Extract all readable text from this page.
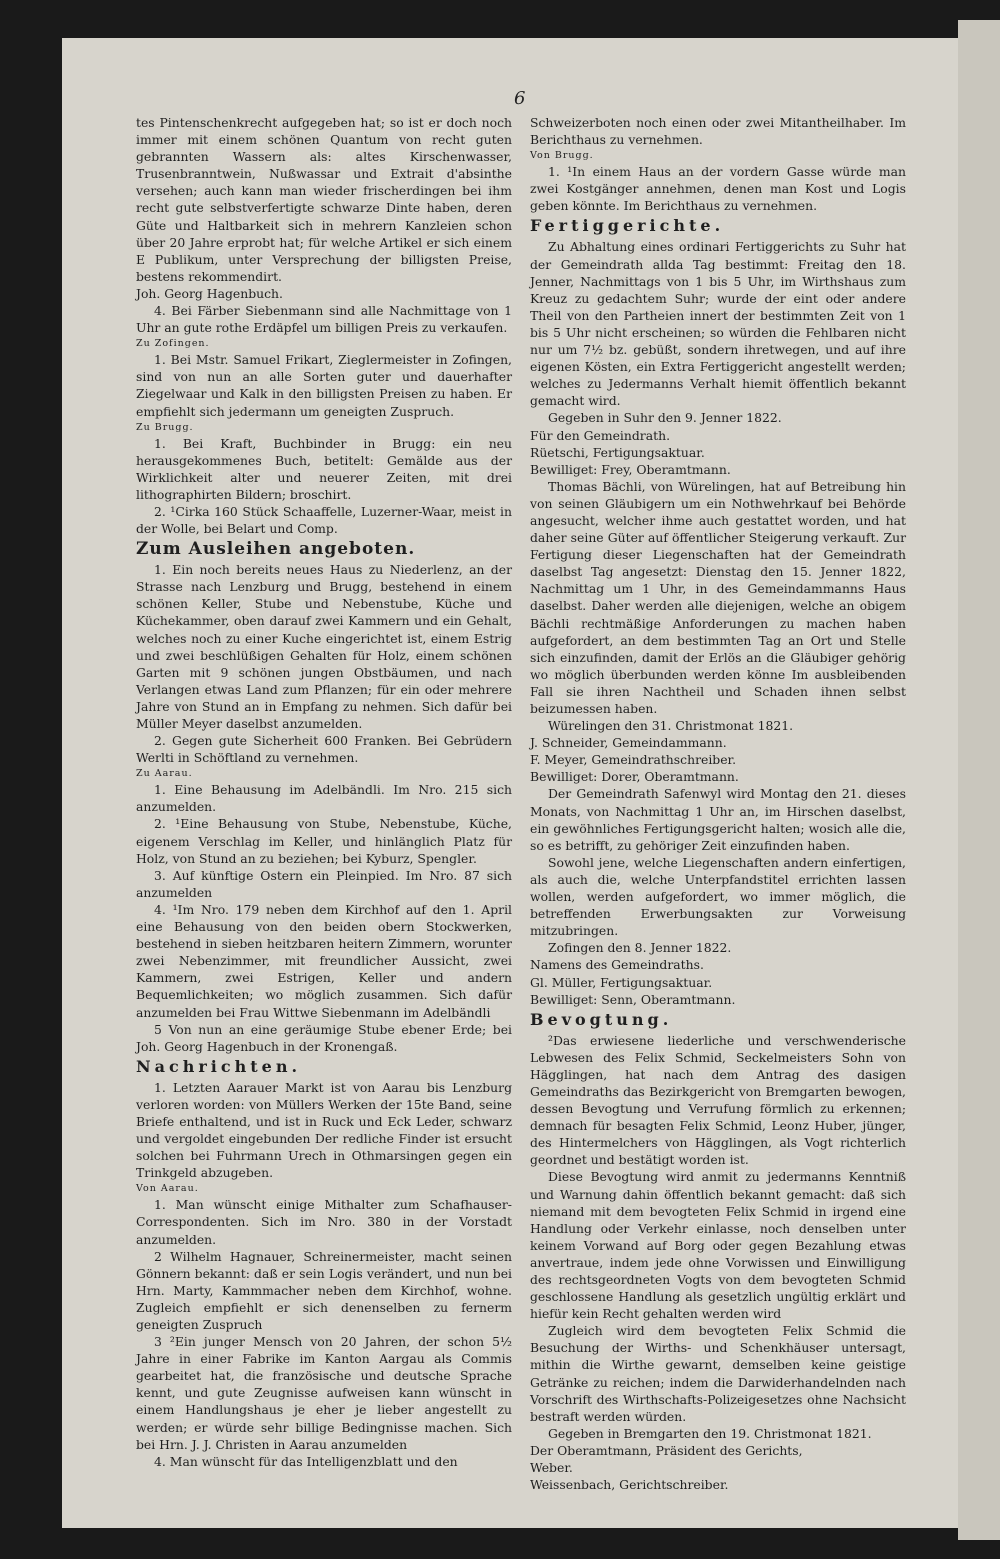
6

tes Pintenschenkrecht aufgegeben hat; so ist er doch noch immer mit einem schönen Quantum von recht guten gebrannten Wassern als: altes Kirschenwasser, Trusenbranntwein, Nußwassar und Extrait d'absinthe versehen; auch kann man wieder frischerdingen bei ihm recht gute selbstverfertigte schwarze Dinte haben, deren Güte und Haltbarkeit sich in mehrern Kanzleien schon über 20 Jahre erprobt hat; für welche Artikel er sich einem E Publikum, unter Versprechung der billigsten Preise, bestens rekommendirt.

Joh. Georg Hagenbuch.

4. Bei Färber Siebenmann sind alle Nachmittage von 1 Uhr an gute rothe Erdäpfel um billigen Preis zu verkaufen.

Zu Zofingen.

1. Bei Mstr. Samuel Frikart, Zieglermeister in Zofingen, sind von nun an alle Sorten guter und dauerhafter Ziegelwaar und Kalk in den billigsten Preisen zu haben. Er empfiehlt sich jedermann um geneigten Zuspruch.

Zu Brugg.

1. Bei Kraft, Buchbinder in Brugg: ein neu herausgekommenes Buch, betitelt: Gemälde aus der Wirklichkeit alter und neuerer Zeiten, mit drei lithographirten Bildern; broschirt.

2. ¹Cirka 160 Stück Schaaffelle, Luzerner-Waar, meist in der Wolle, bei Belart und Comp.

Zum Ausleihen angeboten.

1. Ein noch bereits neues Haus zu Niederlenz, an der Strasse nach Lenzburg und Brugg, bestehend in einem schönen Keller, Stube und Nebenstube, Küche und Küchekammer, oben darauf zwei Kammern und ein Gehalt, welches noch zu einer Kuche eingerichtet ist, einem Estrig und zwei beschlüßigen Gehalten für Holz, einem schönen Garten mit 9 schönen jungen Obstbäumen, und nach Verlangen etwas Land zum Pflanzen; für ein oder mehrere Jahre von Stund an in Empfang zu nehmen. Sich dafür bei Müller Meyer daselbst anzumelden.

2. Gegen gute Sicherheit 600 Franken. Bei Gebrüdern Werlti in Schöftland zu vernehmen.

Zu Aarau.

1. Eine Behausung im Adelbändli. Im Nro. 215 sich anzumelden.

2. ¹Eine Behausung von Stube, Nebenstube, Küche, eigenem Verschlag im Keller, und hinlänglich Platz für Holz, von Stund an zu beziehen; bei Kyburz, Spengler.

3. Auf künftige Ostern ein Pleinpied. Im Nro. 87 sich anzumelden

4. ¹Im Nro. 179 neben dem Kirchhof auf den 1. April eine Behausung von den beiden obern Stockwerken, bestehend in sieben heitzbaren heitern Zimmern, worunter zwei Nebenzimmer, mit freundlicher Aussicht, zwei Kammern, zwei Estrigen, Keller und andern Bequemlichkeiten; wo möglich zusammen. Sich dafür anzumelden bei Frau Wittwe Siebenmann im Adelbändli

5 Von nun an eine geräumige Stube ebener Erde; bei Joh. Georg Hagenbuch in der Kronengaß.

Nachrichten.

1. Letzten Aarauer Markt ist von Aarau bis Lenzburg verloren worden: von Müllers Werken der 15te Band, seine Briefe enthaltend, und ist in Ruck und Eck Leder, schwarz und vergoldet eingebunden Der redliche Finder ist ersucht solchen bei Fuhrmann Urech in Othmarsingen gegen ein Trinkgeld abzugeben.

Von Aarau.

1. Man wünscht einige Mithalter zum Schafhauser-Correspondenten. Sich im Nro. 380 in der Vorstadt anzumelden.

2 Wilhelm Hagnauer, Schreinermeister, macht seinen Gönnern bekannt: daß er sein Logis verändert, und nun bei Hrn. Marty, Kammmacher neben dem Kirchhof, wohne. Zugleich empfiehlt er sich denenselben zu fernerm geneigten Zuspruch

3 ²Ein junger Mensch von 20 Jahren, der schon 5½ Jahre in einer Fabrike im Kanton Aargau als Commis gearbeitet hat, die französische und deutsche Sprache kennt, und gute Zeugnisse aufweisen kann wünscht in einem Handlungshaus je eher je lieber angestellt zu werden; er würde sehr billige Bedingnisse machen. Sich bei Hrn. J. J. Christen in Aarau anzumelden

4. Man wünscht für das Intelligenzblatt und den

Schweizerboten noch einen oder zwei Mitantheilhaber. Im Berichthaus zu vernehmen.

Von Brugg.

1. ¹In einem Haus an der vordern Gasse würde man zwei Kostgänger annehmen, denen man Kost und Logis geben könnte. Im Berichthaus zu vernehmen.

Fertiggerichte.

Zu Abhaltung eines ordinari Fertiggerichts zu Suhr hat der Gemeindrath allda Tag bestimmt: Freitag den 18. Jenner, Nachmittags von 1 bis 5 Uhr, im Wirthshaus zum Kreuz zu gedachtem Suhr; wurde der eint oder andere Theil von den Partheien innert der bestimmten Zeit von 1 bis 5 Uhr nicht erscheinen; so würden die Fehlbaren nicht nur um 7½ bz. gebüßt, sondern ihretwegen, und auf ihre eigenen Kösten, ein Extra Fertiggericht angestellt werden; welches zu Jedermanns Verhalt hiemit öffentlich bekannt gemacht wird.

Gegeben in Suhr den 9. Jenner 1822.

Für den Gemeindrath.

Rüetschi, Fertigungsaktuar.

Bewilliget: Frey, Oberamtmann.

Thomas Bächli, von Würelingen, hat auf Betreibung hin von seinen Gläubigern um ein Nothwehrkauf bei Behörde angesucht, welcher ihme auch gestattet worden, und hat daher seine Güter auf öffentlicher Steigerung verkauft. Zur Fertigung dieser Liegenschaften hat der Gemeindrath daselbst Tag angesetzt: Dienstag den 15. Jenner 1822, Nachmittag um 1 Uhr, in des Gemeindammanns Haus daselbst. Daher werden alle diejenigen, welche an obigem Bächli rechtmäßige Anforderungen zu machen haben aufgefordert, an dem bestimmten Tag an Ort und Stelle sich einzufinden, damit der Erlös an die Gläubiger gehörig wo möglich überbunden werden könne Im ausbleibenden Fall sie ihren Nachtheil und Schaden ihnen selbst beizumessen haben.

Würelingen den 31. Christmonat 1821.

J. Schneider, Gemeindammann.

F. Meyer, Gemeindrathschreiber.

Bewilliget: Dorer, Oberamtmann.

Der Gemeindrath Safenwyl wird Montag den 21. dieses Monats, von Nachmittag 1 Uhr an, im Hirschen daselbst, ein gewöhnliches Fertigungsgericht halten; wosich alle die, so es betrifft, zu gehöriger Zeit einzufinden haben.

Sowohl jene, welche Liegenschaften andern einfertigen, als auch die, welche Unterpfandstitel errichten lassen wollen, werden aufgefordert, wo immer möglich, die betreffenden Erwerbungsakten zur Vorweisung mitzubringen.

Zofingen den 8. Jenner 1822.

Namens des Gemeindraths.

Gl. Müller, Fertigungsaktuar.

Bewilliget: Senn, Oberamtmann.

Bevogtung.

²Das erwiesene liederliche und verschwenderische Lebwesen des Felix Schmid, Seckelmeisters Sohn von Hägglingen, hat nach dem Antrag des dasigen Gemeindraths das Bezirkgericht von Bremgarten bewogen, dessen Bevogtung und Verrufung förmlich zu erkennen; demnach für besagten Felix Schmid, Leonz Huber, jünger, des Hintermelchers von Hägglingen, als Vogt richterlich geordnet und bestätigt worden ist.

Diese Bevogtung wird anmit zu jedermanns Kenntniß und Warnung dahin öffentlich bekannt gemacht: daß sich niemand mit dem bevogteten Felix Schmid in irgend eine Handlung oder Verkehr einlasse, noch denselben unter keinem Vorwand auf Borg oder gegen Bezahlung etwas anvertraue, indem jede ohne Vorwissen und Einwilligung des rechtsgeordneten Vogts von dem bevogteten Schmid geschlossene Handlung als gesetzlich ungültig erklärt und hiefür kein Recht gehalten werden wird

Zugleich wird dem bevogteten Felix Schmid die Besuchung der Wirths- und Schenkhäuser untersagt, mithin die Wirthe gewarnt, demselben keine geistige Getränke zu reichen; indem die Darwiderhandelnden nach Vorschrift des Wirthschafts-Polizeigesetzes ohne Nachsicht bestraft werden würden.

Gegeben in Bremgarten den 19. Christmonat 1821.

Der Oberamtmann, Präsident des Gerichts,

Weber.

Weissenbach, Gerichtschreiber.
